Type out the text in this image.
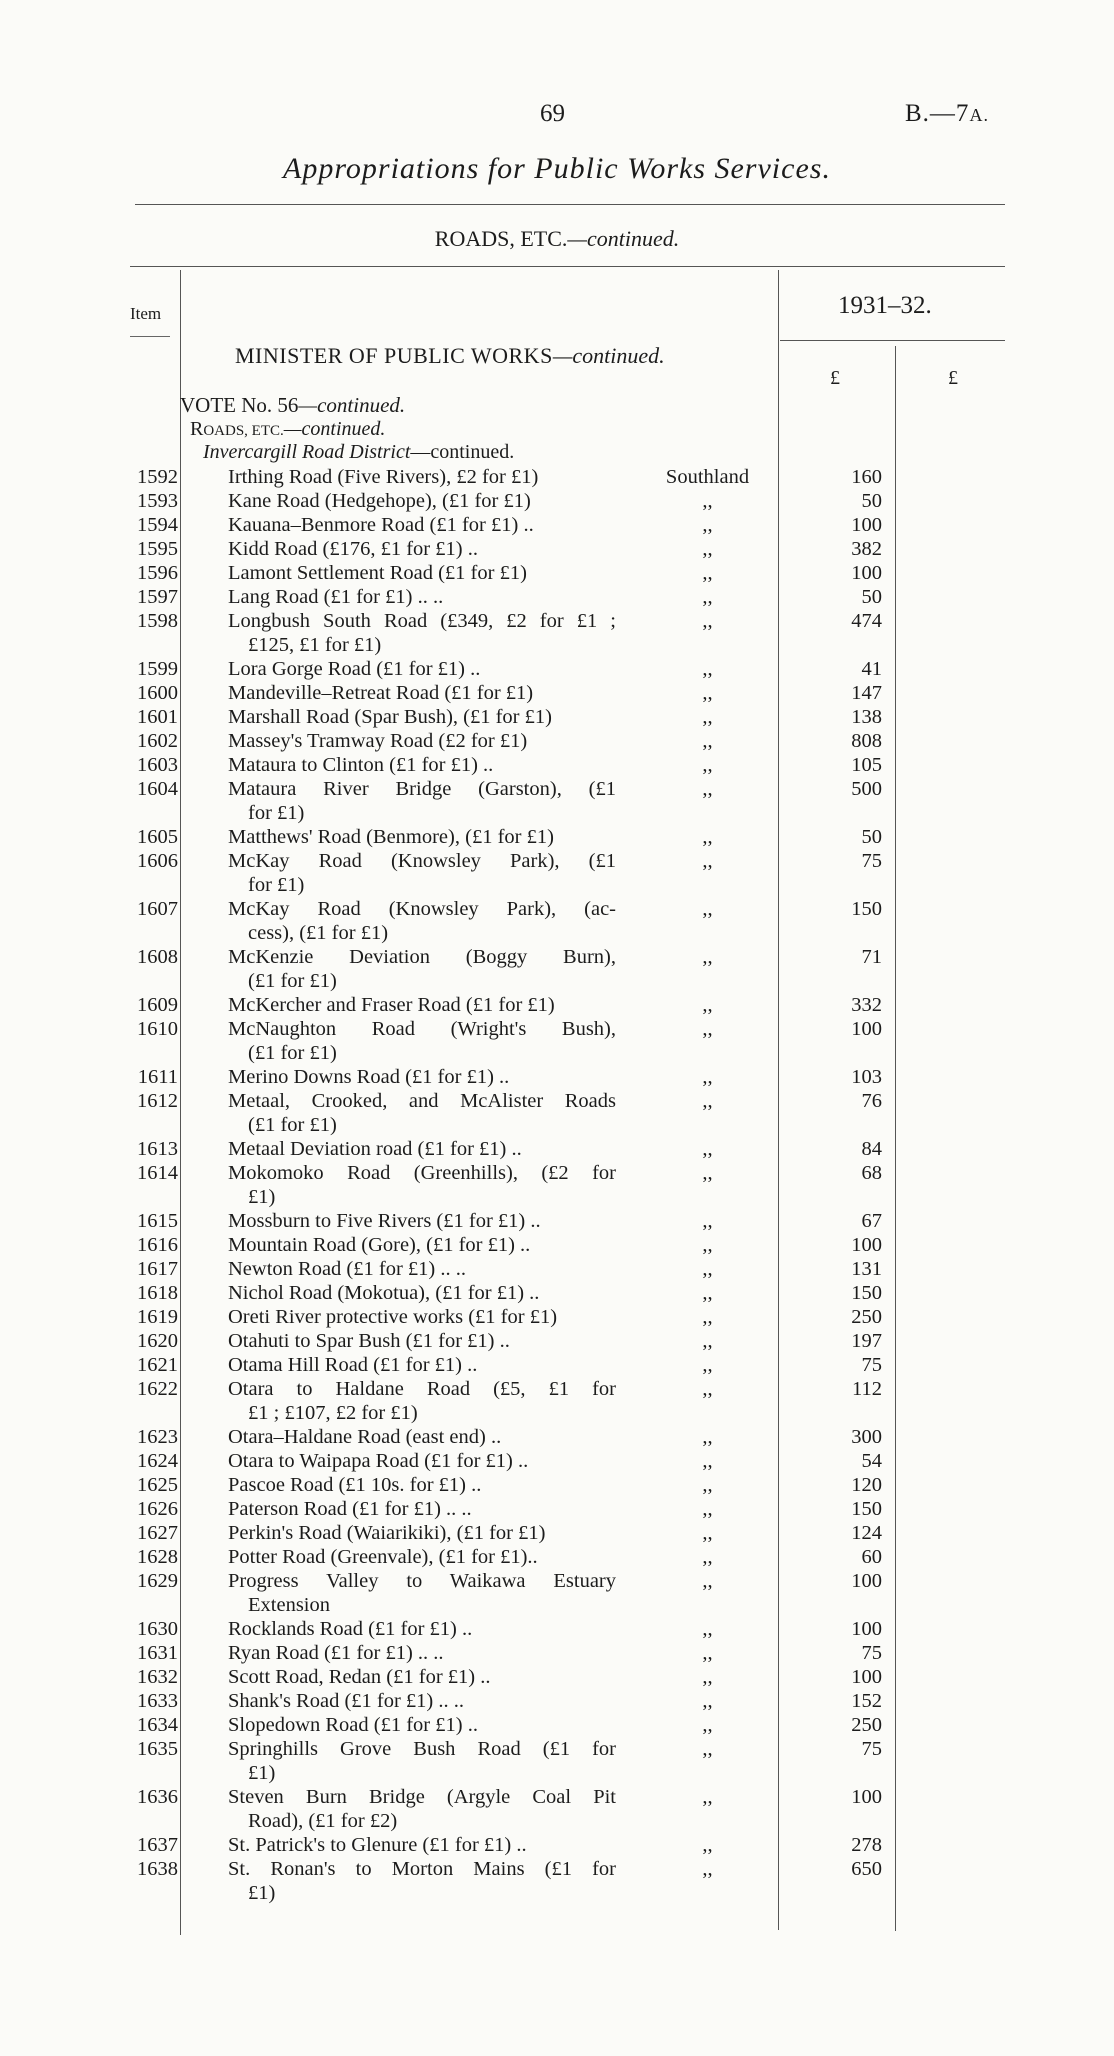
69	B.—7A.
Appropriations for Public Works Services.
ROADS, ETC.—continued.
Item	1931–32.
£	£
MINISTER OF PUBLIC WORKS—continued.
VOTE No. 56—continued.
ROADS, ETC.—continued.
Invercargill Road District—continued.
1592 Irthing Road (Five Rivers), £2 for £1)	Southland	160
1593 Kane Road (Hedgehope), (£1 for £1)	,,	50
1594 Kauana–Benmore Road (£1 for £1) ..	,,	100
1595 Kidd Road (£176, £1 for £1) ..	,,	382
1596 Lamont Settlement Road (£1 for £1)	,,	100
1597 Lang Road (£1 for £1) .. ..	,,	50
1598 Longbush South Road (£349, £2 for £1 ;
£125, £1 for £1)
,,	474
1599 Lora Gorge Road (£1 for £1) ..	,,	41
1600 Mandeville–Retreat Road (£1 for £1)	,,	147
1601 Marshall Road (Spar Bush), (£1 for £1)	,,	138
1602 Massey's Tramway Road (£2 for £1)	,,	808
1603 Mataura to Clinton (£1 for £1) ..	,,	105
1604 Mataura River Bridge (Garston), (£1
for £1)
,,	500
1605 Matthews' Road (Benmore), (£1 for £1)	,,	50
1606 McKay Road (Knowsley Park), (£1
for £1)
,,	75
1607 McKay Road (Knowsley Park), (ac-
cess), (£1 for £1)
,,	150
1608 McKenzie Deviation (Boggy Burn),
(£1 for £1)
,,	71
1609 McKercher and Fraser Road (£1 for £1)	,,	332
1610 McNaughton Road (Wright's Bush),
(£1 for £1)
,,	100
1611 Merino Downs Road (£1 for £1) ..	,,	103
1612 Metaal, Crooked, and McAlister Roads
(£1 for £1)
,,	76
1613 Metaal Deviation road (£1 for £1) ..	,,	84
1614 Mokomoko Road (Greenhills), (£2 for
£1)
,,	68
1615 Mossburn to Five Rivers (£1 for £1) ..	,,	67
1616 Mountain Road (Gore), (£1 for £1) ..	,,	100
1617 Newton Road (£1 for £1) .. ..	,,	131
1618 Nichol Road (Mokotua), (£1 for £1) ..	,,	150
1619 Oreti River protective works (£1 for £1)	,,	250
1620 Otahuti to Spar Bush (£1 for £1) ..	,,	197
1621 Otama Hill Road (£1 for £1) ..	,,	75
1622 Otara to Haldane Road (£5, £1 for
£1 ; £107, £2 for £1)
,,	112
1623 Otara–Haldane Road (east end) ..	,,	300
1624 Otara to Waipapa Road (£1 for £1) ..	,,	54
1625 Pascoe Road (£1 10s. for £1) ..	,,	120
1626 Paterson Road (£1 for £1) .. ..	,,	150
1627 Perkin's Road (Waiarikiki), (£1 for £1)	,,	124
1628 Potter Road (Greenvale), (£1 for £1)..	,,	60
1629 Progress Valley to Waikawa Estuary
Extension
,,	100
1630 Rocklands Road (£1 for £1) ..	,,	100
1631 Ryan Road (£1 for £1) .. ..	,,	75
1632 Scott Road, Redan (£1 for £1) ..	,,	100
1633 Shank's Road (£1 for £1) .. ..	,,	152
1634 Slopedown Road (£1 for £1) ..	,,	250
1635 Springhills Grove Bush Road (£1 for
£1)
,,	75
1636 Steven Burn Bridge (Argyle Coal Pit
Road), (£1 for £2)
,,	100
1637 St. Patrick's to Glenure (£1 for £1) ..	,,	278
1638 St. Ronan's to Morton Mains (£1 for
£1)
,,	650
